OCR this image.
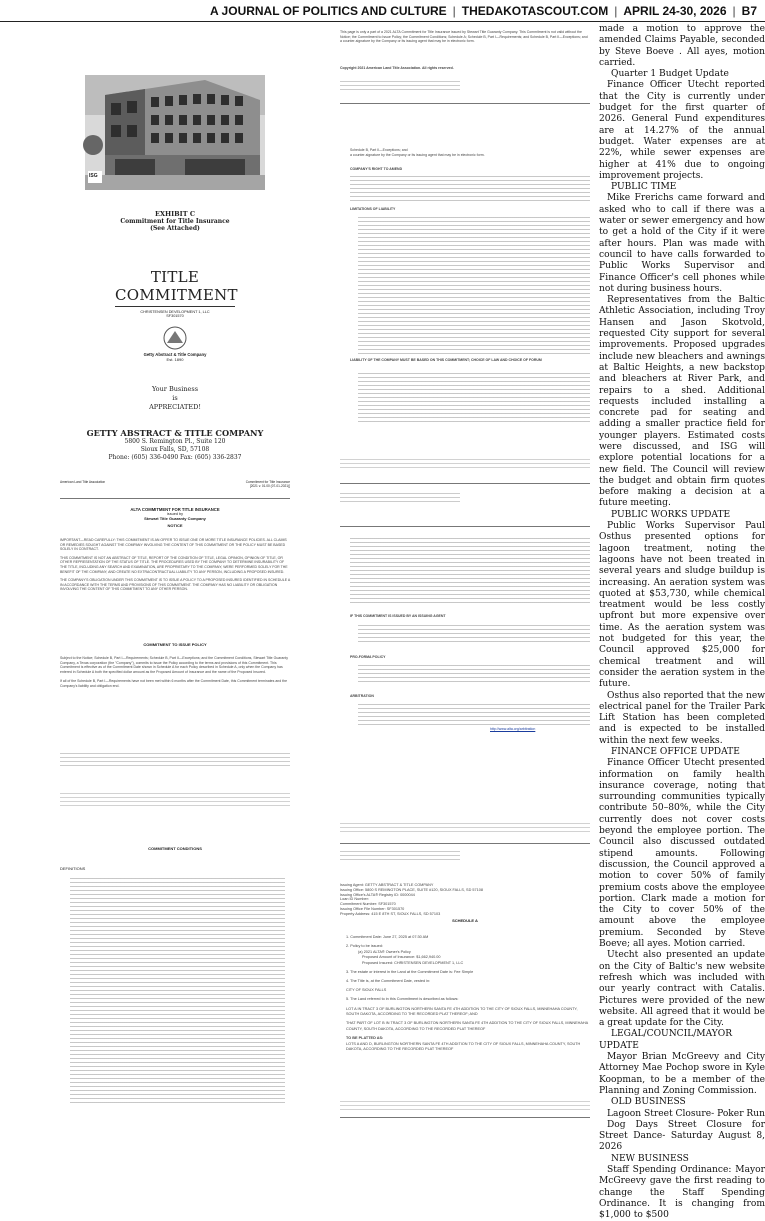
A JOURNAL OF POLITICS AND CULTURE | THEDAKOTASCOUT.COM | APRIL 24-30, 2026 | B7
ISG
EXHIBIT C
Commitment for Title Insurance
(See Attached)
TITLE COMMITMENT
CHRISTENSEN DEVELOPMENT 1, LLC
SF301570
Getty Abstract & Title Company
Est. 1890
Your Business
is
APPRECIATED!
GETTY ABSTRACT & TITLE COMPANY
5800 S. Remington Pl., Suite 120
Sioux Falls, SD, 57108
Phone: (605) 336-0490 Fax: (605) 336-2837
American Land Title Association	Commitment for Title Insurance
[2021 v. 01.00 (07-01-2021)]
ALTA COMMITMENT FOR TITLE INSURANCE
issued by
Stewart Title Guaranty Company
NOTICE
IMPORTANT—READ CAREFULLY: THIS COMMITMENT IS AN OFFER TO ISSUE ONE OR MORE TITLE INSURANCE POLICIES. ALL CLAIMS OR REMEDIES SOUGHT AGAINST THE COMPANY INVOLVING THE CONTENT OF THIS COMMITMENT OR THE POLICY MUST BE BASED SOLELY IN CONTRACT.
THIS COMMITMENT IS NOT AN ABSTRACT OF TITLE, REPORT OF THE CONDITION OF TITLE, LEGAL OPINION, OPINION OF TITLE, OR OTHER REPRESENTATION OF THE STATUS OF TITLE. THE PROCEDURES USED BY THE COMPANY TO DETERMINE INSURABILITY OF THE TITLE, INCLUDING ANY SEARCH AND EXAMINATION, ARE PROPRIETARY TO THE COMPANY, WERE PERFORMED SOLELY FOR THE BENEFIT OF THE COMPANY, AND CREATE NO EXTRACONTRACTUAL LIABILITY TO ANY PERSON, INCLUDING A PROPOSED INSURED.
THE COMPANY'S OBLIGATION UNDER THIS COMMITMENT IS TO ISSUE A POLICY TO A PROPOSED INSURED IDENTIFIED IN SCHEDULE A IN ACCORDANCE WITH THE TERMS AND PROVISIONS OF THIS COMMITMENT. THE COMPANY HAS NO LIABILITY OR OBLIGATION INVOLVING THE CONTENT OF THIS COMMITMENT TO ANY OTHER PERSON.
COMMITMENT TO ISSUE POLICY
Subject to the Notice; Schedule B, Part I—Requirements; Schedule B, Part II—Exceptions; and the Commitment Conditions, Stewart Title Guaranty Company, a Texas corporation (the "Company"), commits to issue the Policy according to the terms and provisions of this Commitment. This Commitment is effective as of the Commitment Date shown in Schedule A for each Policy described in Schedule A, only when the Company has entered in Schedule A both the specified dollar amount as the Proposed Amount of Insurance and the name of the Proposed Insured.
If all of the Schedule B, Part I—Requirements have not been met within 6 months after the Commitment Date, this Commitment terminates and the Company's liability and obligation end.
COMMITMENT CONDITIONS
DEFINITIONS
This page is only a part of a 2021 ALTA Commitment for Title Insurance issued by Stewart Title Guaranty Company. This Commitment is not valid without the Notice; the Commitment to Issue Policy; the Commitment Conditions; Schedule A; Schedule B, Part I—Requirements; and Schedule B, Part II—Exceptions; and a counter-signature by the Company or its issuing agent that may be in electronic form.
Copyright 2021 American Land Title Association. All rights reserved.
Schedule B, Part II—Exceptions; and
a counter-signature by the Company or its issuing agent that may be in electronic form.
COMPANY'S RIGHT TO AMEND
LIMITATIONS OF LIABILITY
LIABILITY OF THE COMPANY MUST BE BASED ON THIS COMMITMENT; CHOICE OF LAW AND CHOICE OF FORUM
IF THIS COMMITMENT IS ISSUED BY AN ISSUING AGENT
PRO-FORMA POLICY
ARBITRATION
http://www.alta.org/arbitration
Issuing Agent: GETTY ABSTRACT & TITLE COMPANY
Issuing Office: 5800 S REMINGTON PLACE, SUITE #120, SIOUX FALLS, SD 57108
Issuing Office's ALTA® Registry ID: 0000044
Loan ID Number:
Commitment Number: SF301570
Issuing Office File Number: SF301570
Property Address: 415 E 8TH ST, SIOUX FALLS, SD 57103
SCHEDULE A
1. Commitment Date: June 27, 2025 at 07:30 AM
2. Policy to be issued:
(a) 2021 ALTA® Owner's Policy
Proposed Amount of Insurance: $1,662,940.00
Proposed Insured: CHRISTENSEN DEVELOPMENT 1, LLC
3. The estate or interest in the Land at the Commitment Date is: Fee Simple
4. The Title is, at the Commitment Date, vested in:
CITY OF SIOUX FALLS
5. The Land referred to in this Commitment is described as follows:
LOT A IN TRACT 3 OF BURLINGTON NORTHERN SANTA FE 4TH ADDITION TO THE CITY OF SIOUX FALLS, MINNEHAHA COUNTY, SOUTH DAKOTA, ACCORDING TO THE RECORDED PLAT THEREOF; AND
THAT PART OF LOT B IN TRACT 3 OF BURLINGTON NORTHERN SANTA FE 4TH ADDITION TO THE CITY OF SIOUX FALLS, MINNEHAHA COUNTY, SOUTH DAKOTA, ACCORDING TO THE RECORDED PLAT THEREOF
TO BE PLATTED AS:
LOTS A AND D, BURLINGTON NORTHERN SANTA FE 4TH ADDITION TO THE CITY OF SIOUX FALLS, MINNEHAHA COUNTY, SOUTH DAKOTA, ACCORDING TO THE RECORDED PLAT THEREOF

made a motion to approve the amended Claims Payable, seconded by Steve Boeve . All ayes, motion carried.

Quarter 1 Budget Update

Finance Officer Utecht reported that the City is currently under budget for the first quarter of 2026. General Fund expenditures are at 14.27% of the annual budget. Water expenses are at 22%, while sewer expenses are higher at 41% due to ongoing improvement projects.

PUBLIC TIME

Mike Frerichs came forward and asked who to call if there was a water or sewer emergency and how to get a hold of the City if it were after hours. Plan was made with council to have calls forwarded to Public Works Supervisor and Finance Officer's cell phones while not during business hours.

Representatives from the Baltic Athletic Association, including Troy Hansen and Jason Skotvold, requested City support for several improvements. Proposed upgrades include new bleachers and awnings at Baltic Heights, a new backstop and bleachers at River Park, and repairs to a shed. Additional requests included installing a concrete pad for seating and adding a smaller practice field for younger players. Estimated costs were discussed, and ISG will explore potential locations for a new field. The Council will review the budget and obtain firm quotes before making a decision at a future meeting.

PUBLIC WORKS UPDATE

Public Works Supervisor Paul Osthus presented options for lagoon treatment, noting the lagoons have not been treated in several years and sludge buildup is increasing. An aeration system was quoted at $53,730, while chemical treatment would be less costly upfront but more expensive over time. As the aeration system was not budgeted for this year, the Council approved $25,000 for chemical treatment and will consider the aeration system in the future.

Osthus also reported that the new electrical panel for the Trailer Park Lift Station has been completed and is expected to be installed within the next few weeks.

FINANCE OFFICE UPDATE

Finance Officer Utecht presented information on family health insurance coverage, noting that surrounding communities typically contribute 50–80%, while the City currently does not cover costs beyond the employee portion. The Council also discussed outdated stipend amounts. Following discussion, the Council approved a motion to cover 50% of family premium costs above the employee portion. Clark made a motion for the City to cover 50% of the amount above the employee premium. Seconded by Steve Boeve; all ayes. Motion carried.

Utecht also presented an update on the City of Baltic's new website refresh which was included with our yearly contract with Catalis. Pictures were provided of the new website. All agreed that it would be a great update for the City.

LEGAL/COUNCIL/MAYOR UPDATE

Mayor Brian McGreevy and City Attorney Mae Pochop swore in Kyle Koopman, to be a member of the Planning and Zoning Commission.

OLD BUSINESS

Lagoon Street Closure- Poker Run

Dog Days Street Closure for Street Dance- Saturday August 8, 2026

NEW BUSINESS

Staff Spending Ordinance: Mayor McGreevy gave the first reading to change the Staff Spending Ordinance. It is changing from $1,000 to $500
